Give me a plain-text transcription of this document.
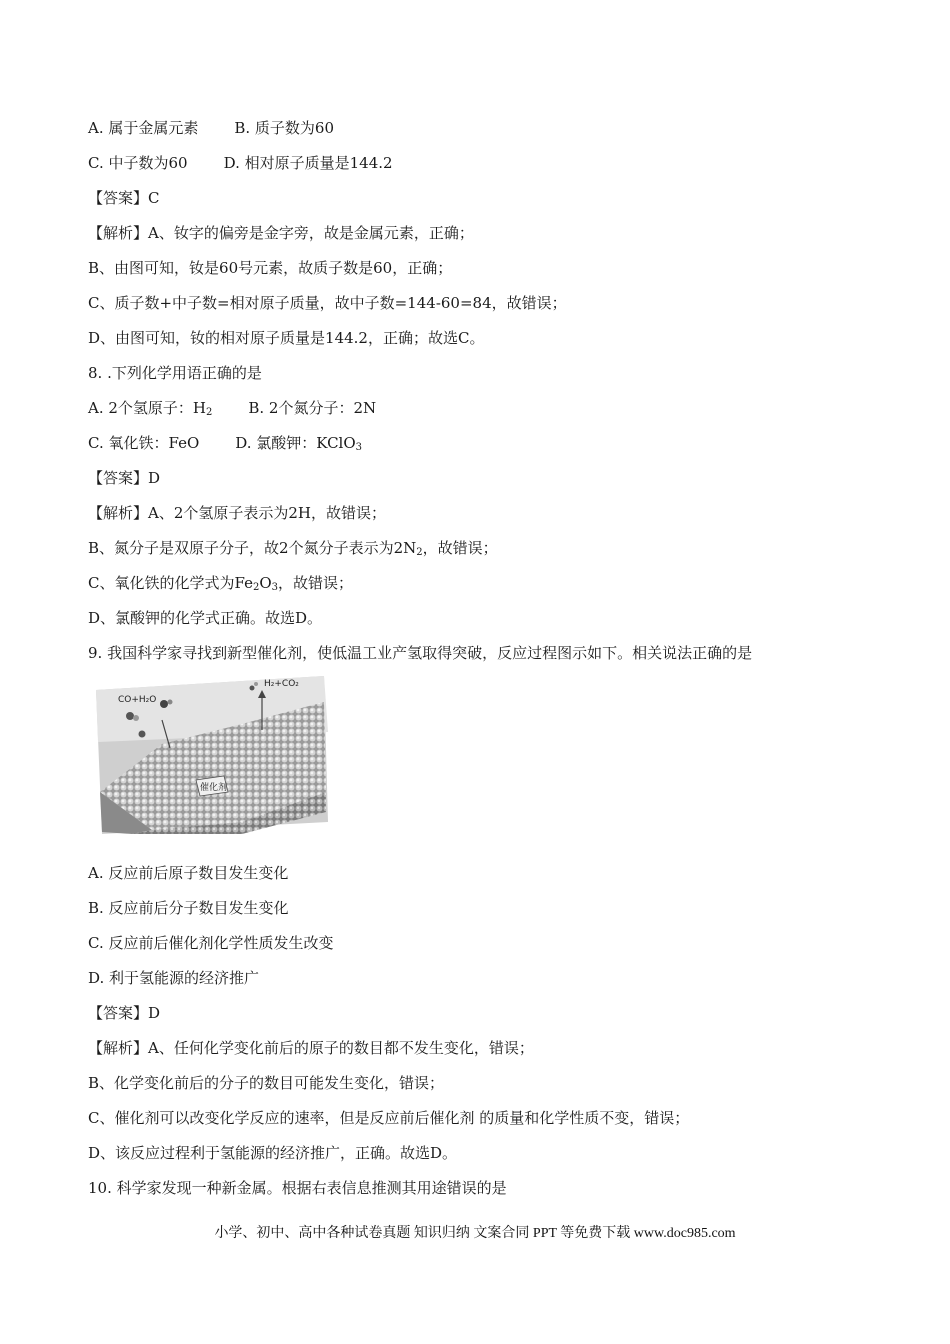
A. 属于金属元素 B. 质子数为60
C. 中子数为60 D. 相对原子质量是144.2
【答案】C
【解析】A、钕字的偏旁是金字旁，故是金属元素，正确；
B、由图可知，钕是60号元素，故质子数是60，正确；
C、质子数+中子数=相对原子质量，故中子数=144-60=84，故错误；
D、由图可知，钕的相对原子质量是144.2，正确；故选C。
8. .下列化学用语正确的是
A. 2个氢原子：$H_2$ B. 2个氮分子：2N
C. 氧化铁：FeO D. 氯酸钾：KClO$_3$
【答案】D
【解析】A、2个氢原子表示为2H，故错误；
B、氮分子是双原子分子，故2个氮分子表示为$2N_2$，故错误；
C、氧化铁的化学式为$Fe_2O_3$，故错误；
D、氯酸钾的化学式正确。故选D。
9. 我国科学家寻找到新型催化剂，使低温工业产氢取得突破，反应过程图示如下。相关说法正确的是
催化剂
CO+H₂O
H₂+CO₂
A. 反应前后原子数目发生变化
B. 反应前后分子数目发生变化
C. 反应前后催化剂化学性质发生改变
D. 利于氢能源的经济推广
【答案】D
【解析】A、任何化学变化前后的原子的数目都不发生变化，错误；
B、化学变化前后的分子的数目可能发生变化，错误；
C、催化剂可以改变化学反应的速率，但是反应前后催化剂 的质量和化学性质不变，错误；
D、该反应过程利于氢能源的经济推广，正确。故选D。
10. 科学家发现一种新金属。根据右表信息推测其用途错误的是
小学、初中、高中各种试卷真题 知识归纳 文案合同 PPT 等免费下载 www.doc985.com
